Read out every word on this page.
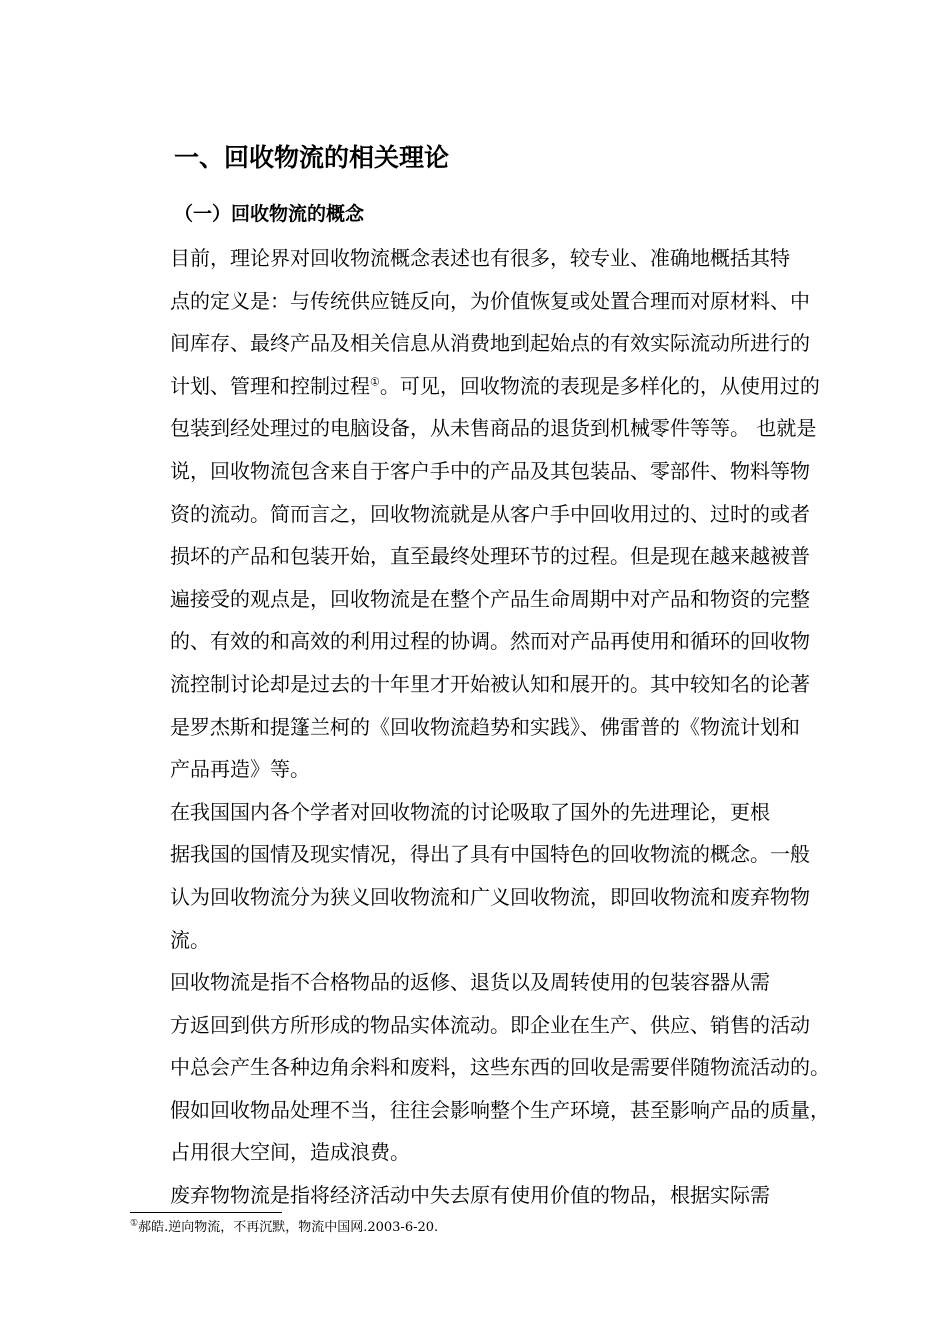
一、回收物流的相关理论
（一）回收物流的概念

目前，理论界对回收物流概念表述也有很多，较专业、准确地概括其特
点的定义是：与传统供应链反向，为价值恢复或处置合理而对原材料、中
间库存、最终产品及相关信息从消费地到起始点的有效实际流动所进行的
计划、管理和控制过程①。可见，回收物流的表现是多样化的，从使用过的
包装到经处理过的电脑设备，从未售商品的退货到机械零件等等。 也就是
说，回收物流包含来自于客户手中的产品及其包装品、零部件、物料等物
资的流动。简而言之，回收物流就是从客户手中回收用过的、过时的或者
损坏的产品和包装开始，直至最终处理环节的过程。但是现在越来越被普
遍接受的观点是，回收物流是在整个产品生命周期中对产品和物资的完整
的、有效的和高效的利用过程的协调。然而对产品再使用和循环的回收物
流控制讨论却是过去的十年里才开始被认知和展开的。其中较知名的论著
是罗杰斯和提篷兰柯的《回收物流趋势和实践》、佛雷普的《物流计划和
产品再造》等。

在我国国内各个学者对回收物流的讨论吸取了国外的先进理论，更根
据我国的国情及现实情况，得出了具有中国特色的回收物流的概念。一般
认为回收物流分为狭义回收物流和广义回收物流，即回收物流和废弃物物
流。

回收物流是指不合格物品的返修、退货以及周转使用的包装容器从需
方返回到供方所形成的物品实体流动。即企业在生产、供应、销售的活动
中总会产生各种边角余料和废料，这些东西的回收是需要伴随物流活动的。
假如回收物品处理不当，往往会影响整个生产环境，甚至影响产品的质量，
占用很大空间，造成浪费。

废弃物物流是指将经济活动中失去原有使用价值的物品，根据实际需

①郝皓.逆向物流，不再沉默，物流中国网.2003-6-20.
